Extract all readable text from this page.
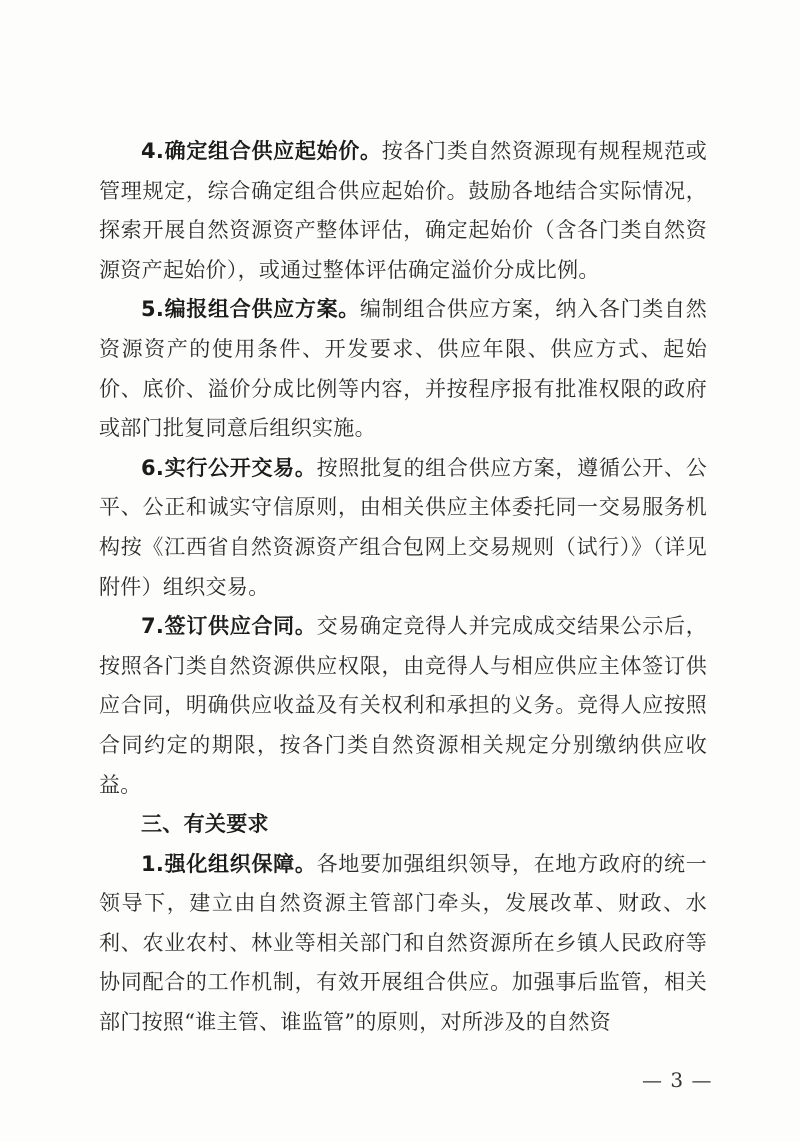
4.确定组合供应起始价。按各门类自然资源现有规程规范或管理规定，综合确定组合供应起始价。鼓励各地结合实际情况，探索开展自然资源资产整体评估，确定起始价（含各门类自然资源资产起始价），或通过整体评估确定溢价分成比例。

5.编报组合供应方案。编制组合供应方案，纳入各门类自然资源资产的使用条件、开发要求、供应年限、供应方式、起始价、底价、溢价分成比例等内容，并按程序报有批准权限的政府或部门批复同意后组织实施。

6.实行公开交易。按照批复的组合供应方案，遵循公开、公平、公正和诚实守信原则，由相关供应主体委托同一交易服务机构按《江西省自然资源资产组合包网上交易规则（试行）》（详见附件）组织交易。

7.签订供应合同。交易确定竞得人并完成成交结果公示后，按照各门类自然资源供应权限，由竞得人与相应供应主体签订供应合同，明确供应收益及有关权利和承担的义务。竞得人应按照合同约定的期限，按各门类自然资源相关规定分别缴纳供应收益。

三、有关要求

1.强化组织保障。各地要加强组织领导，在地方政府的统一领导下，建立由自然资源主管部门牵头，发展改革、财政、水利、农业农村、林业等相关部门和自然资源所在乡镇人民政府等协同配合的工作机制，有效开展组合供应。加强事后监管，相关部门按照“谁主管、谁监管”的原则，对所涉及的自然资

— 3 —
